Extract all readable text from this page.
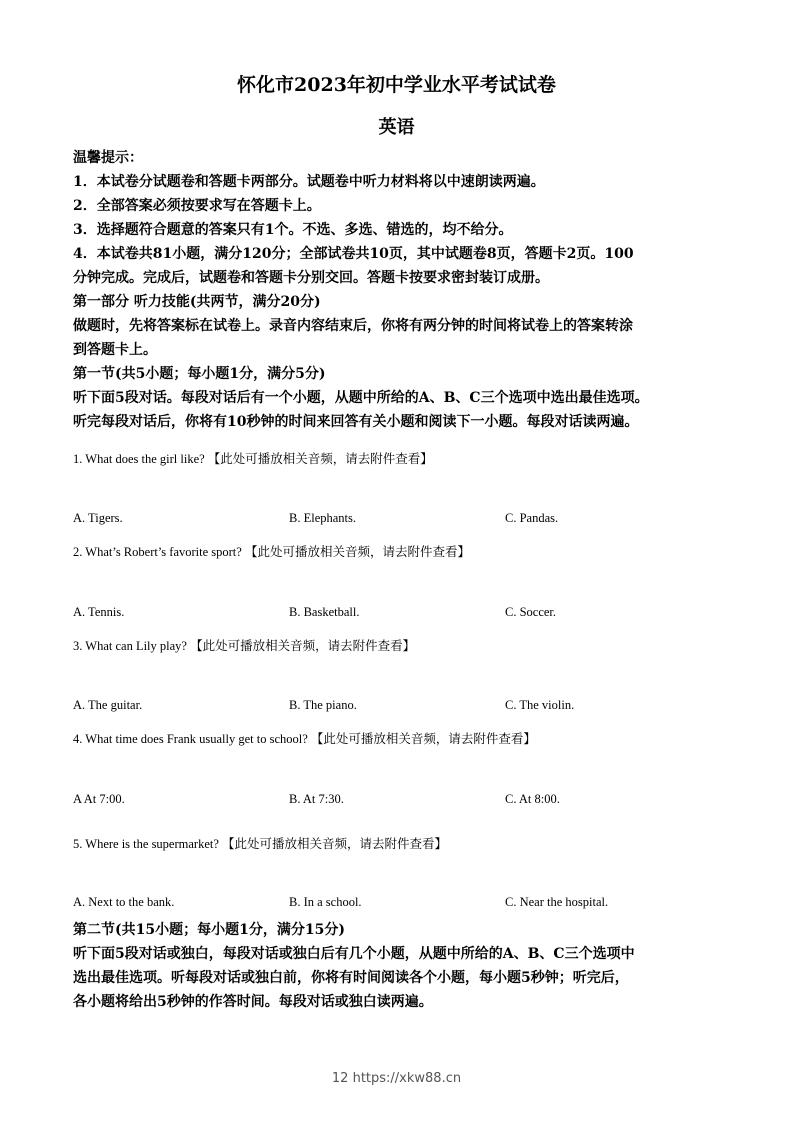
怀化市2023年初中学业水平考试试卷
英语
温馨提示：
1．本试卷分试题卷和答题卡两部分。试题卷中听力材料将以中速朗读两遍。
2．全部答案必须按要求写在答题卡上。
3．选择题符合题意的答案只有1个。不选、多选、错选的，均不给分。
4．本试卷共81小题，满分120分；全部试卷共10页，其中试题卷8页，答题卡2页。100
分钟完成。完成后，试题卷和答题卡分别交回。答题卡按要求密封装订成册。
第一部分 听力技能(共两节，满分20分)
做题时，先将答案标在试卷上。录音内容结束后，你将有两分钟的时间将试卷上的答案转涂
到答题卡上。
第一节(共5小题；每小题1分，满分5分)
听下面5段对话。每段对话后有一个小题，从题中所给的A、B、C三个选项中选出最佳选项。
听完每段对话后，你将有10秒钟的时间来回答有关小题和阅读下一小题。每段对话读两遍。
1. What does the girl like? 【此处可播放相关音频，请去附件查看】
A. Tigers.	B. Elephants.	C. Pandas.
2. What’s Robert’s favorite sport? 【此处可播放相关音频，请去附件查看】
A. Tennis.	B. Basketball.	C. Soccer.
3. What can Lily play? 【此处可播放相关音频，请去附件查看】
A. The guitar.	B. The piano.	C. The violin.
4. What time does Frank usually get to school? 【此处可播放相关音频，请去附件查看】
A At 7:00.	B. At 7:30.	C. At 8:00.
5. Where is the supermarket? 【此处可播放相关音频，请去附件查看】
A. Next to the bank.	B. In a school.	C. Near the hospital.
第二节(共15小题；每小题1分，满分15分)
听下面5段对话或独白，每段对话或独白后有几个小题，从题中所给的A、B、C三个选项中
选出最佳选项。听每段对话或独白前，你将有时间阅读各个小题，每小题5秒钟；听完后，
各小题将给出5秒钟的作答时间。每段对话或独白读两遍。
12 https://xkw88.cn
